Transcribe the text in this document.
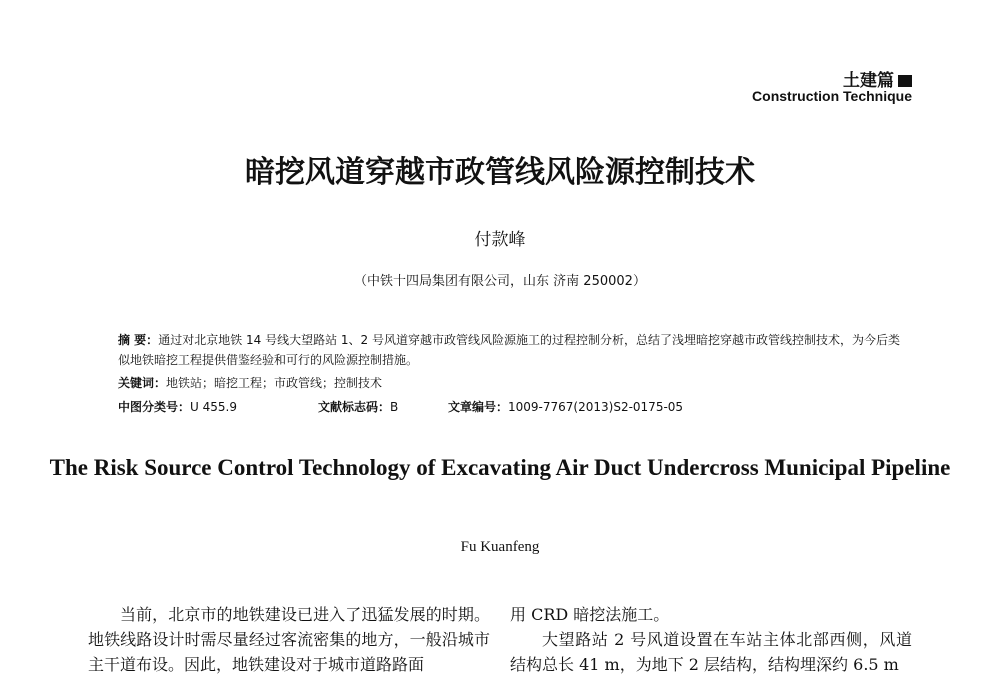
土建篇
Construction Technique
暗挖风道穿越市政管线风险源控制技术
付款峰
（中铁十四局集团有限公司，山东 济南 250002）
摘 要：通过对北京地铁 14 号线大望路站 1、2 号风道穿越市政管线风险源施工的过程控制分析，总结了浅埋暗挖穿越市政管线控制技术，为今后类似地铁暗挖工程提供借鉴经验和可行的风险源控制措施。
关键词：地铁站；暗挖工程；市政管线；控制技术
中图分类号：U 455.9	文献标志码：B	文章编号：1009-7767(2013)S2-0175-05
The Risk Source Control Technology of Excavating Air Duct Undercross Municipal Pipeline
Fu Kuanfeng
当前，北京市的地铁建设已进入了迅猛发展的时期。地铁线路设计时需尽量经过客流密集的地方，一般沿城市主干道布设。因此，地铁建设对于城市道路路面
用 CRD 暗挖法施工。
大望路站 2 号风道设置在车站主体北部西侧，风道结构总长 41 m，为地下 2 层结构，结构埋深约 6.5 m
